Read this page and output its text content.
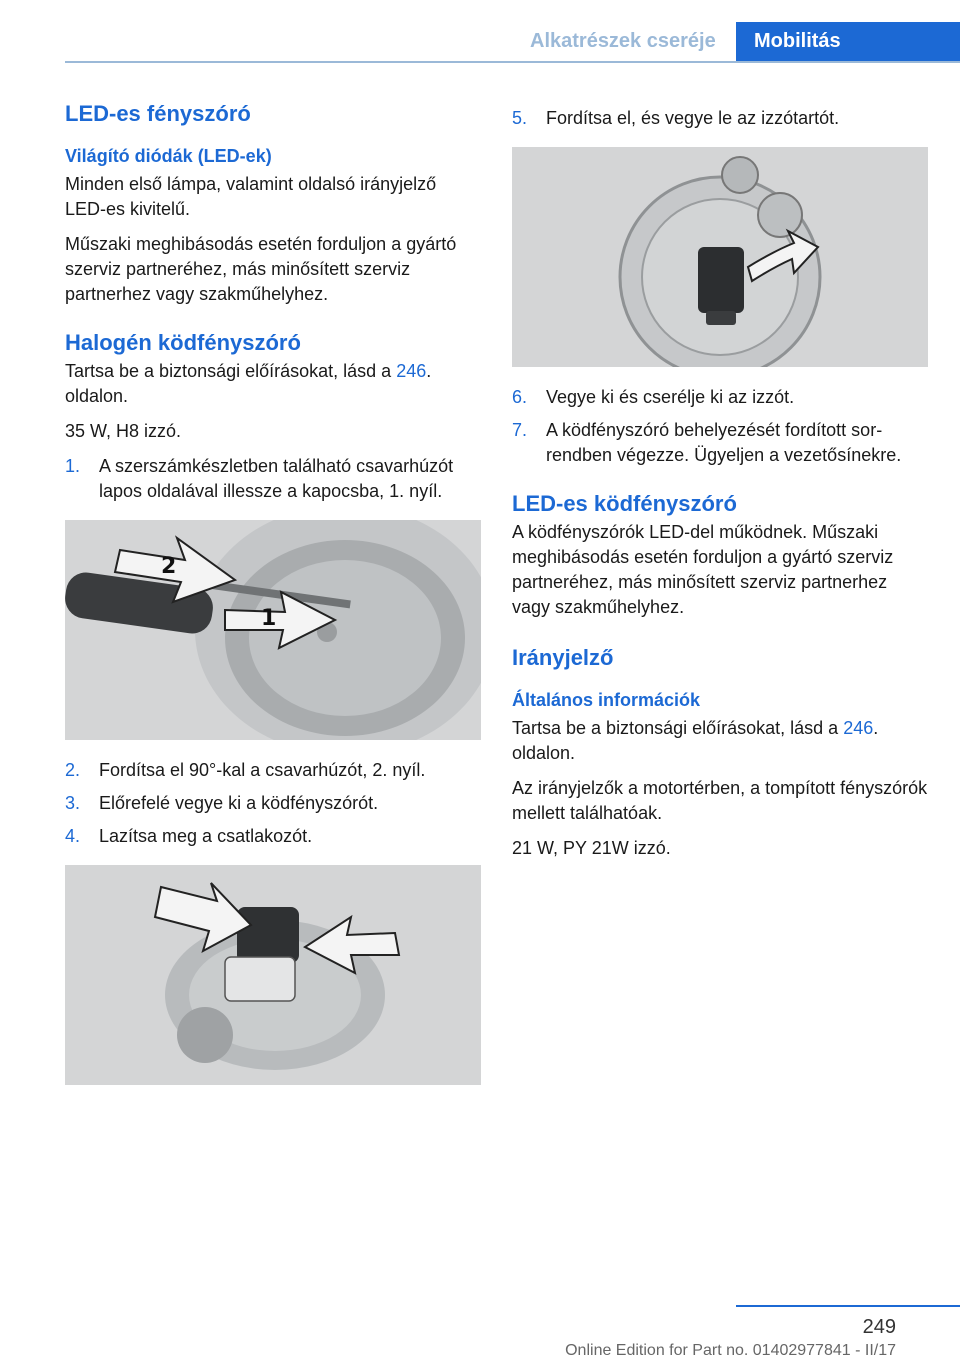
Alkatrészek cseréje	Mobilitás
LED-es fényszóró
Világító diódák (LED-ek)

Minden első lámpa, valamint oldalsó irányjelző LED-es kivitelű.

Műszaki meghibásodás esetén forduljon a gyártó szerviz partneréhez, más minősített szerviz partnerhez vagy szakműhelyhez.

Halogén ködfényszóró

Tartsa be a biztonsági előírásokat, lásd a 246. oldalon.

35 W, H8 izzó.

1. A szerszámkészletben található csavarhúzót lapos oldalával illessze a kapocsba, 1. nyíl.
2
1
2. Fordítsa el 90°-kal a csavarhúzót, 2. nyíl.
3. Előrefelé vegye ki a ködfényszórót.
4. Lazítsa meg a csatlakozót.
5. Fordítsa el, és vegye le az izzótartót.
6. Vegye ki és cserélje ki az izzót.
7. A ködfényszóró behelyezését fordított sorrendben végezze. Ügyeljen a vezetősínekre.
LED-es ködfényszóró

A ködfényszórók LED-del működnek. Műszaki meghibásodás esetén forduljon a gyártó szerviz partneréhez, más minősített szerviz partnerhez vagy szakműhelyhez.

Irányjelző
Általános információk

Tartsa be a biztonsági előírásokat, lásd a 246. oldalon.

Az irányjelzők a motortérben, a tompított fényszórók mellett találhatóak.

21 W, PY 21W izzó.

249
Online Edition for Part no. 01402977841 - II/17
